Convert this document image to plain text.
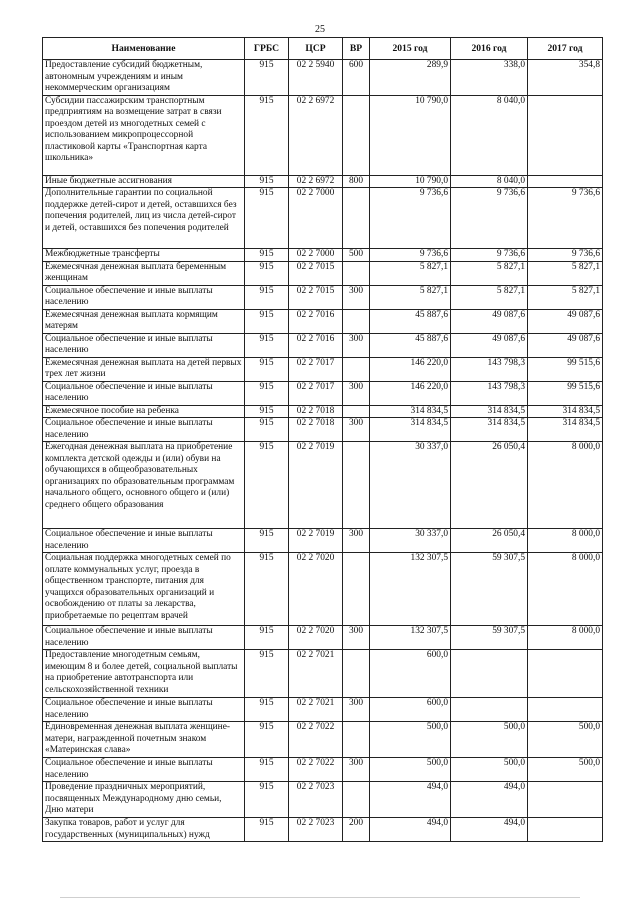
25
Наименование	ГРБС	ЦСР	ВР	2015 год	2016 год	2017 год
Предоставление субсидий бюджетным, автономным учреждениям и иным некоммерческим организациям	915	02 2 5940	600	289,9	338,0	354,8
Субсидии пассажирским транспортным предприятиям на возмещение затрат в связи проездом детей из многодетных семей с использованием микропроцессорной пластиковой карты «Транспортная карта школьника»	915	02 2 6972		10 790,0	8 040,0	
Иные бюджетные ассигнования	915	02 2 6972	800	10 790,0	8 040,0	
Дополнительные гарантии по социальной поддержке детей-сирот и детей, оставшихся без попечения родителей, лиц из числа детей-сирот и детей, оставшихся без попечения родителей	915	02 2 7000		9 736,6	9 736,6	9 736,6
Межбюджетные трансферты	915	02 2 7000	500	9 736,6	9 736,6	9 736,6
Ежемесячная денежная выплата беременным женщинам	915	02 2 7015		5 827,1	5 827,1	5 827,1
Социальное обеспечение и иные выплаты населению	915	02 2 7015	300	5 827,1	5 827,1	5 827,1
Ежемесячная денежная выплата кормящим матерям	915	02 2 7016		45 887,6	49 087,6	49 087,6
Социальное обеспечение и иные выплаты населению	915	02 2 7016	300	45 887,6	49 087,6	49 087,6
Ежемесячная денежная выплата на детей первых трех лет жизни	915	02 2 7017		146 220,0	143 798,3	99 515,6
Социальное обеспечение и иные выплаты населению	915	02 2 7017	300	146 220,0	143 798,3	99 515,6
Ежемесячное пособие на ребенка	915	02 2 7018		314 834,5	314 834,5	314 834,5
Социальное обеспечение и иные выплаты населению	915	02 2 7018	300	314 834,5	314 834,5	314 834,5
Ежегодная денежная выплата на приобретение комплекта детской одежды и (или) обуви на обучающихся в общеобразовательных организациях по образовательным программам начального общего, основного общего и (или) среднего общего образования	915	02 2 7019		30 337,0	26 050,4	8 000,0
Социальное обеспечение и иные выплаты населению	915	02 2 7019	300	30 337,0	26 050,4	8 000,0
Социальная поддержка многодетных семей по оплате коммунальных услуг, проезда в общественном транспорте, питания для учащихся образовательных организаций и освобождению от платы за лекарства, приобретаемые по рецептам врачей	915	02 2 7020		132 307,5	59 307,5	8 000,0
Социальное обеспечение и иные выплаты населению	915	02 2 7020	300	132 307,5	59 307,5	8 000,0
Предоставление многодетным семьям, имеющим 8 и более детей, социальной выплаты на приобретение автотранспорта или сельскохозяйственной техники	915	02 2 7021		600,0		
Социальное обеспечение и иные выплаты населению	915	02 2 7021	300	600,0		
Единовременная денежная выплата женщине-матери, награжденной почетным знаком «Материнская слава»	915	02 2 7022		500,0	500,0	500,0
Социальное обеспечение и иные выплаты населению	915	02 2 7022	300	500,0	500,0	500,0
Проведение праздничных мероприятий, посвященных Международному дню семьи, Дню матери	915	02 2 7023		494,0	494,0	
Закупка товаров, работ и услуг для государственных (муниципальных) нужд	915	02 2 7023	200	494,0	494,0	
